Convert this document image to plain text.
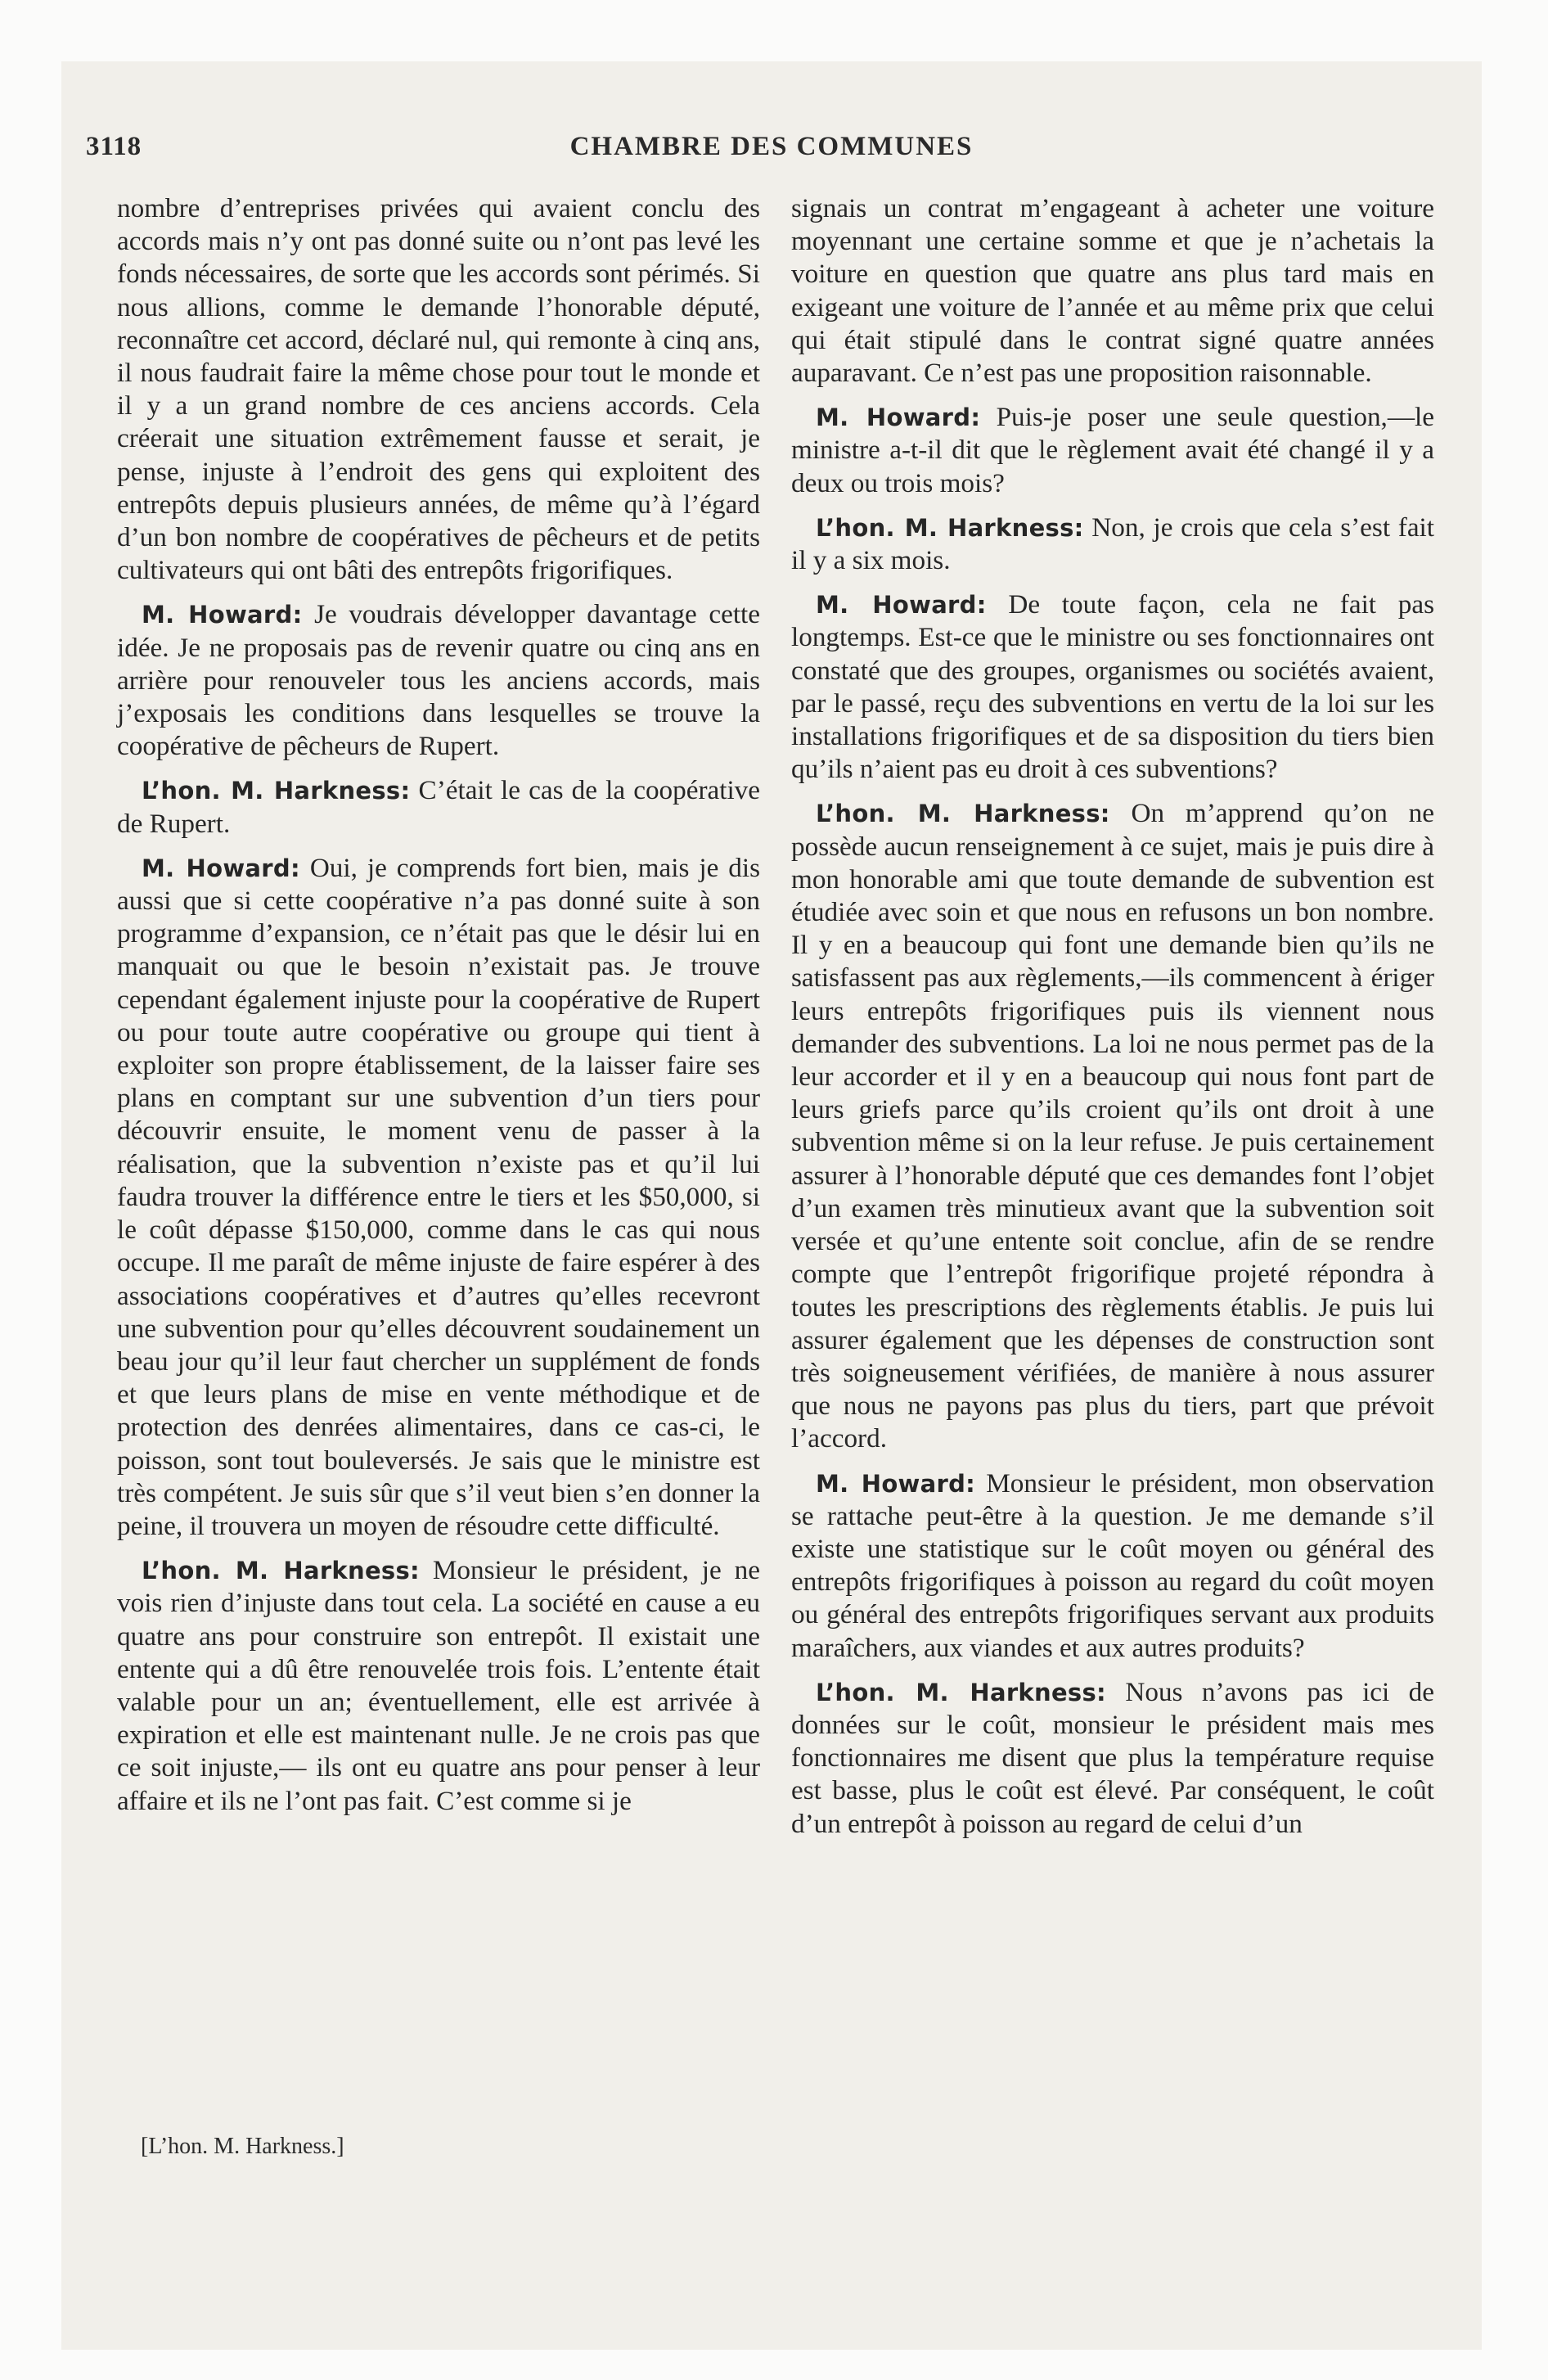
3118	CHAMBRE DES COMMUNES

nombre d’entreprises privées qui avaient conclu des accords mais n’y ont pas donné suite ou n’ont pas levé les fonds nécessaires, de sorte que les accords sont périmés. Si nous allions, comme le demande l’honorable député, reconnaître cet accord, déclaré nul, qui remonte à cinq ans, il nous faudrait faire la même chose pour tout le monde et il y a un grand nombre de ces anciens accords. Cela créerait une situation extrêmement fausse et serait, je pense, injuste à l’endroit des gens qui exploitent des entrepôts depuis plusieurs années, de même qu’à l’égard d’un bon nombre de coopératives de pêcheurs et de petits cultivateurs qui ont bâti des entrepôts frigorifiques.

M. Howard: Je voudrais développer davantage cette idée. Je ne proposais pas de revenir quatre ou cinq ans en arrière pour renouveler tous les anciens accords, mais j’exposais les conditions dans lesquelles se trouve la coopérative de pêcheurs de Rupert.

L’hon. M. Harkness: C’était le cas de la coopérative de Rupert.

M. Howard: Oui, je comprends fort bien, mais je dis aussi que si cette coopérative n’a pas donné suite à son programme d’expansion, ce n’était pas que le désir lui en manquait ou que le besoin n’existait pas. Je trouve cependant également injuste pour la coopérative de Rupert ou pour toute autre coopérative ou groupe qui tient à exploiter son propre établissement, de la laisser faire ses plans en comptant sur une subvention d’un tiers pour découvrir ensuite, le moment venu de passer à la réalisation, que la subvention n’existe pas et qu’il lui faudra trouver la différence entre le tiers et les $50,000, si le coût dépasse $150,000, comme dans le cas qui nous occupe. Il me paraît de même injuste de faire espérer à des associations coopératives et d’autres qu’elles recevront une subvention pour qu’elles découvrent soudainement un beau jour qu’il leur faut chercher un supplément de fonds et que leurs plans de mise en vente méthodique et de protection des denrées alimentaires, dans ce cas-ci, le poisson, sont tout bouleversés. Je sais que le ministre est très compétent. Je suis sûr que s’il veut bien s’en donner la peine, il trouvera un moyen de résoudre cette difficulté.

L’hon. M. Harkness: Monsieur le président, je ne vois rien d’injuste dans tout cela. La société en cause a eu quatre ans pour construire son entrepôt. Il existait une entente qui a dû être renouvelée trois fois. L’entente était valable pour un an; éventuellement, elle est arrivée à expiration et elle est maintenant nulle. Je ne crois pas que ce soit injuste,— ils ont eu quatre ans pour penser à leur affaire et ils ne l’ont pas fait. C’est comme si je

signais un contrat m’engageant à acheter une voiture moyennant une certaine somme et que je n’achetais la voiture en question que quatre ans plus tard mais en exigeant une voiture de l’année et au même prix que celui qui était stipulé dans le contrat signé quatre années auparavant. Ce n’est pas une proposition raisonnable.

M. Howard: Puis-je poser une seule question,—le ministre a-t-il dit que le règlement avait été changé il y a deux ou trois mois?

L’hon. M. Harkness: Non, je crois que cela s’est fait il y a six mois.

M. Howard: De toute façon, cela ne fait pas longtemps. Est-ce que le ministre ou ses fonctionnaires ont constaté que des groupes, organismes ou sociétés avaient, par le passé, reçu des subventions en vertu de la loi sur les installations frigorifiques et de sa disposition du tiers bien qu’ils n’aient pas eu droit à ces subventions?

L’hon. M. Harkness: On m’apprend qu’on ne possède aucun renseignement à ce sujet, mais je puis dire à mon honorable ami que toute demande de subvention est étudiée avec soin et que nous en refusons un bon nombre. Il y en a beaucoup qui font une demande bien qu’ils ne satisfassent pas aux règlements,—ils commencent à ériger leurs entrepôts frigorifiques puis ils viennent nous demander des subventions. La loi ne nous permet pas de la leur accorder et il y en a beaucoup qui nous font part de leurs griefs parce qu’ils croient qu’ils ont droit à une subvention même si on la leur refuse. Je puis certainement assurer à l’honorable député que ces demandes font l’objet d’un examen très minutieux avant que la subvention soit versée et qu’une entente soit conclue, afin de se rendre compte que l’entrepôt frigorifique projeté répondra à toutes les prescriptions des règlements établis. Je puis lui assurer également que les dépenses de construction sont très soigneusement vérifiées, de manière à nous assurer que nous ne payons pas plus du tiers, part que prévoit l’accord.

M. Howard: Monsieur le président, mon observation se rattache peut-être à la question. Je me demande s’il existe une statistique sur le coût moyen ou général des entrepôts frigorifiques à poisson au regard du coût moyen ou général des entrepôts frigorifiques servant aux produits maraîchers, aux viandes et aux autres produits?

L’hon. M. Harkness: Nous n’avons pas ici de données sur le coût, monsieur le président mais mes fonctionnaires me disent que plus la température requise est basse, plus le coût est élevé. Par conséquent, le coût d’un entrepôt à poisson au regard de celui d’un

[L’hon. M. Harkness.]
